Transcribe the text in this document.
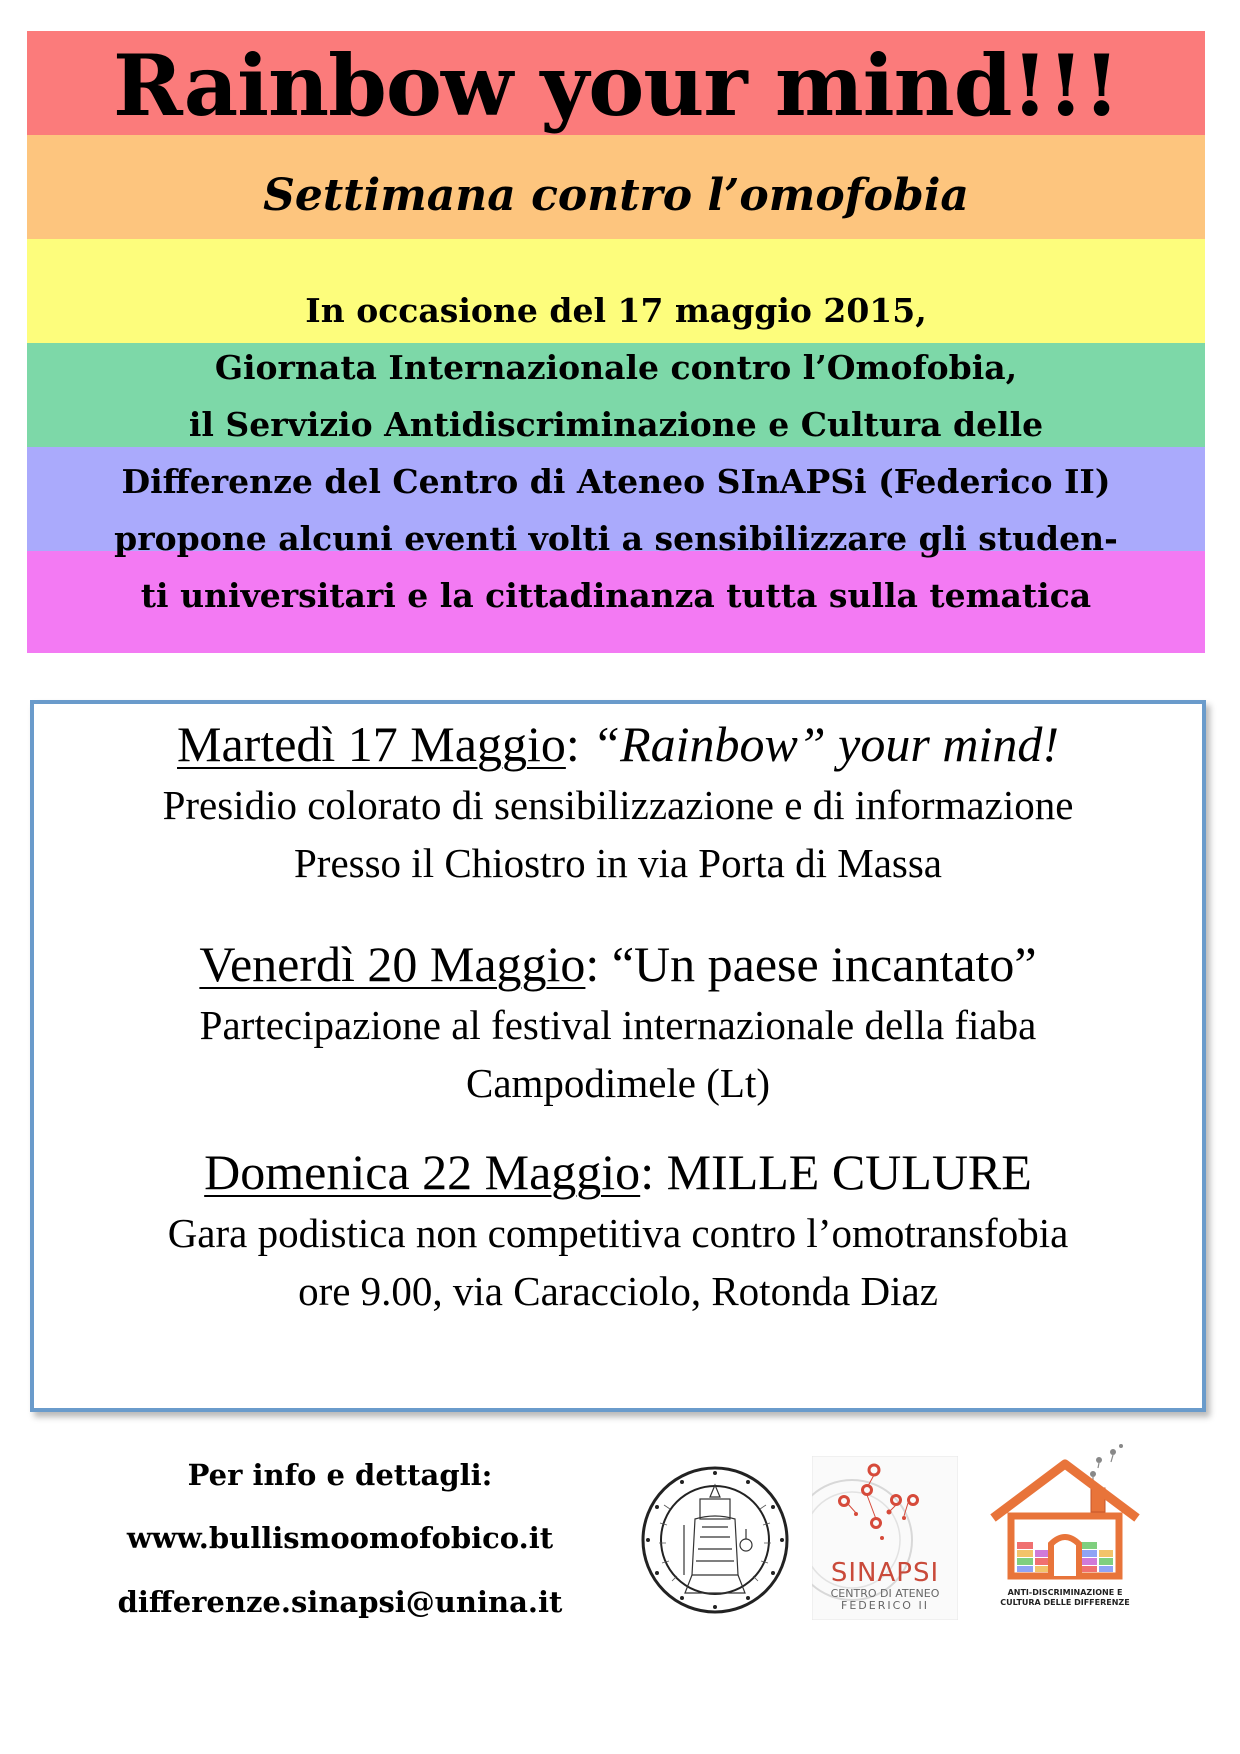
Rainbow your mind!!!
Settimana contro l’omofobia
In occasione del 17 maggio 2015,
Giornata Internazionale contro l’Omofobia,
il Servizio Antidiscriminazione e Cultura delle
Differenze del Centro di Ateneo SInAPSi (Federico II)
propone alcuni eventi volti a sensibilizzare gli studen-
ti universitari e la cittadinanza tutta sulla tematica
Martedì 17 Maggio: “Rainbow” your mind!
Presidio colorato di sensibilizzazione e di informazione
Presso il Chiostro in via Porta di Massa
Venerdì 20 Maggio: “Un paese incantato”
Partecipazione al festival internazionale della fiaba
Campodimele (Lt)
Domenica 22 Maggio: MILLE CULURE
Gara podistica non competitiva contro l’omotransfobia
ore 9.00, via Caracciolo, Rotonda Diaz
Per info e dettagli:
www.bullismoomofobico.it
differenze.sinapsi@unina.it
SINAPSI
CENTRO DI ATENEO
FEDERICO II
ANTI-DISCRIMINAZIONE E
CULTURA DELLE DIFFERENZE
